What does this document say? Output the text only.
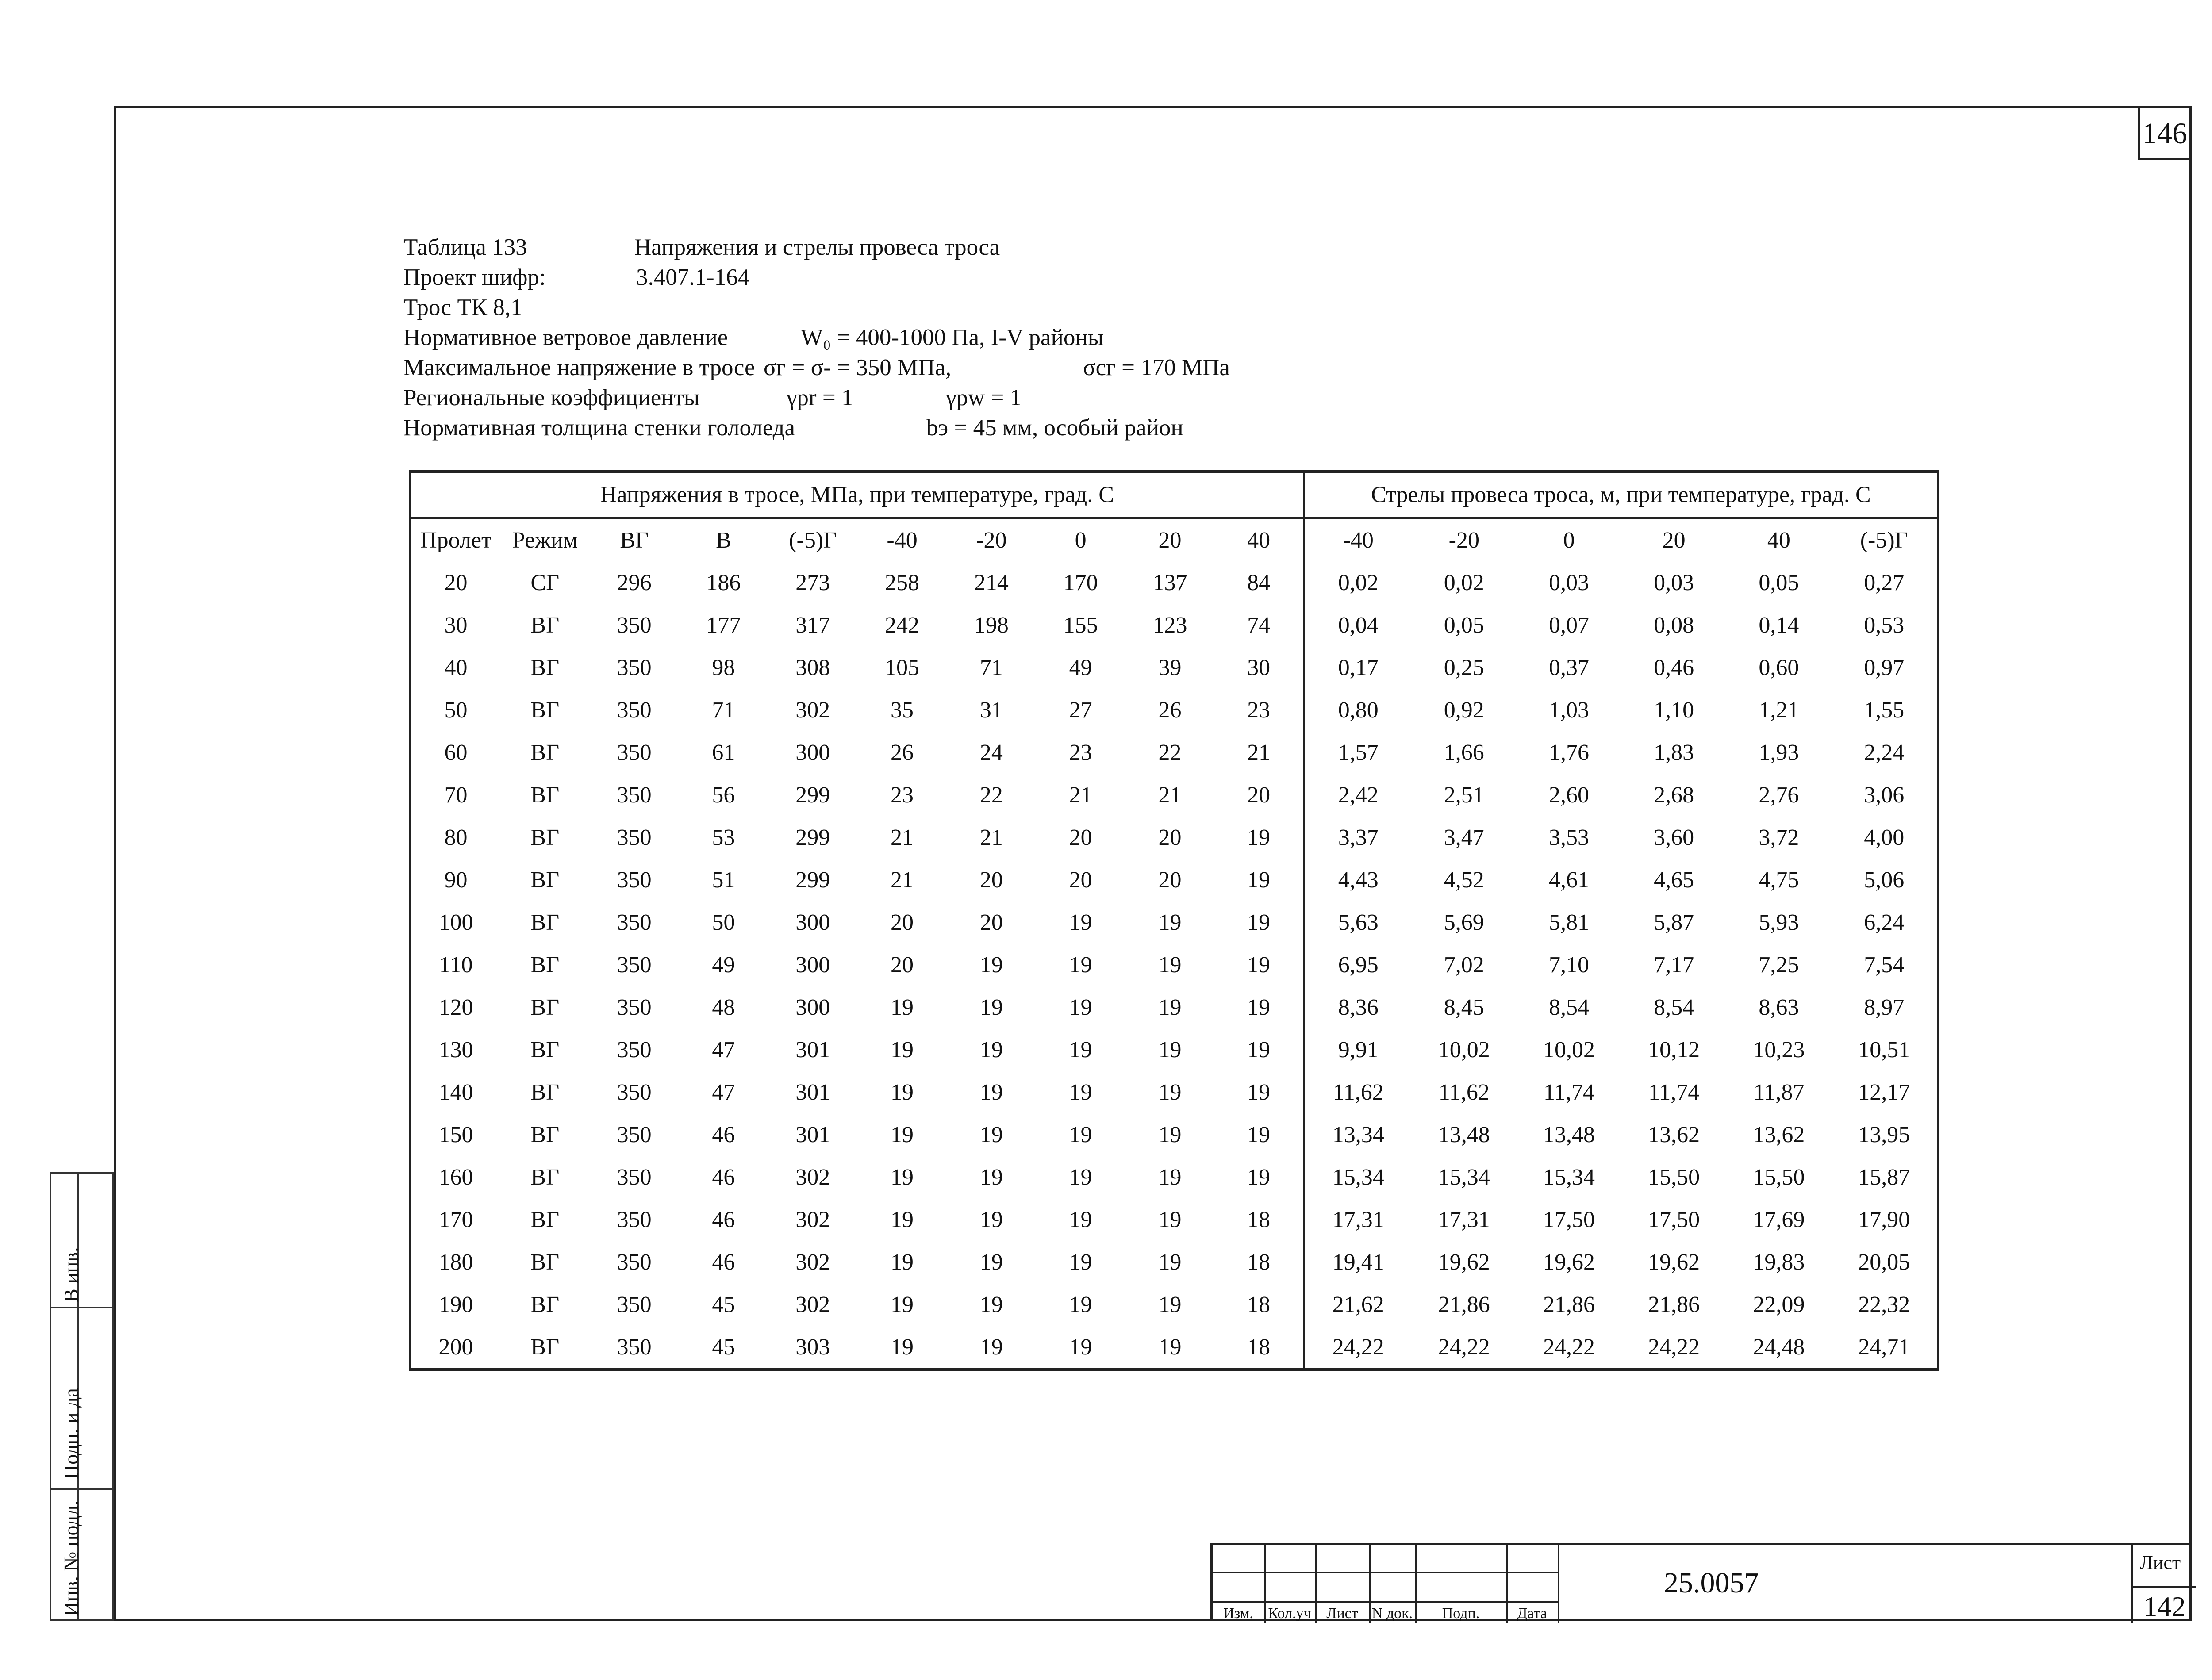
146
Таблица 133	Напряжения и стрелы провеса троса
Проект шифр:	3.407.1-164
Трос ТК 8,1
Нормативное ветровое давление	W₀ = 400-1000 Па, I-V районы
Максимальное напряжение в тросе σг = σ- = 350 МПа,	σсг = 170 МПа
Региональные коэффициенты	γpr = 1	γpw = 1
Нормативная толщина стенки гололеда	bэ = 45 мм, особый район
Напряжения в тросе, МПа, при температуре, град. С										Стрелы провеса троса, м, при температуре, град. С					
Пролет	Режим	ВГ	В	(-5)Г	-40	-20	0	20	40	-40	-20	0	20	40	(-5)Г
20	СГ	296	186	273	258	214	170	137	84	0,02	0,02	0,03	0,03	0,05	0,27
30	ВГ	350	177	317	242	198	155	123	74	0,04	0,05	0,07	0,08	0,14	0,53
40	ВГ	350	98	308	105	71	49	39	30	0,17	0,25	0,37	0,46	0,60	0,97
50	ВГ	350	71	302	35	31	27	26	23	0,80	0,92	1,03	1,10	1,21	1,55
60	ВГ	350	61	300	26	24	23	22	21	1,57	1,66	1,76	1,83	1,93	2,24
70	ВГ	350	56	299	23	22	21	21	20	2,42	2,51	2,60	2,68	2,76	3,06
80	ВГ	350	53	299	21	21	20	20	19	3,37	3,47	3,53	3,60	3,72	4,00
90	ВГ	350	51	299	21	20	20	20	19	4,43	4,52	4,61	4,65	4,75	5,06
100	ВГ	350	50	300	20	20	19	19	19	5,63	5,69	5,81	5,87	5,93	6,24
110	ВГ	350	49	300	20	19	19	19	19	6,95	7,02	7,10	7,17	7,25	7,54
120	ВГ	350	48	300	19	19	19	19	19	8,36	8,45	8,54	8,54	8,63	8,97
130	ВГ	350	47	301	19	19	19	19	19	9,91	10,02	10,02	10,12	10,23	10,51
140	ВГ	350	47	301	19	19	19	19	19	11,62	11,62	11,74	11,74	11,87	12,17
150	ВГ	350	46	301	19	19	19	19	19	13,34	13,48	13,48	13,62	13,62	13,95
160	ВГ	350	46	302	19	19	19	19	19	15,34	15,34	15,34	15,50	15,50	15,87
170	ВГ	350	46	302	19	19	19	19	18	17,31	17,31	17,50	17,50	17,69	17,90
180	ВГ	350	46	302	19	19	19	19	18	19,41	19,62	19,62	19,62	19,83	20,05
190	ВГ	350	45	302	19	19	19	19	18	21,62	21,86	21,86	21,86	22,09	22,32
200	ВГ	350	45	303	19	19	19	19	18	24,22	24,22	24,22	24,22	24,48	24,71
В инв.
Подп. и да
Инв. № подл.	Изм. Кол.уч	Лист N док.	Подп.	Дата
25.0057
Лист
142
